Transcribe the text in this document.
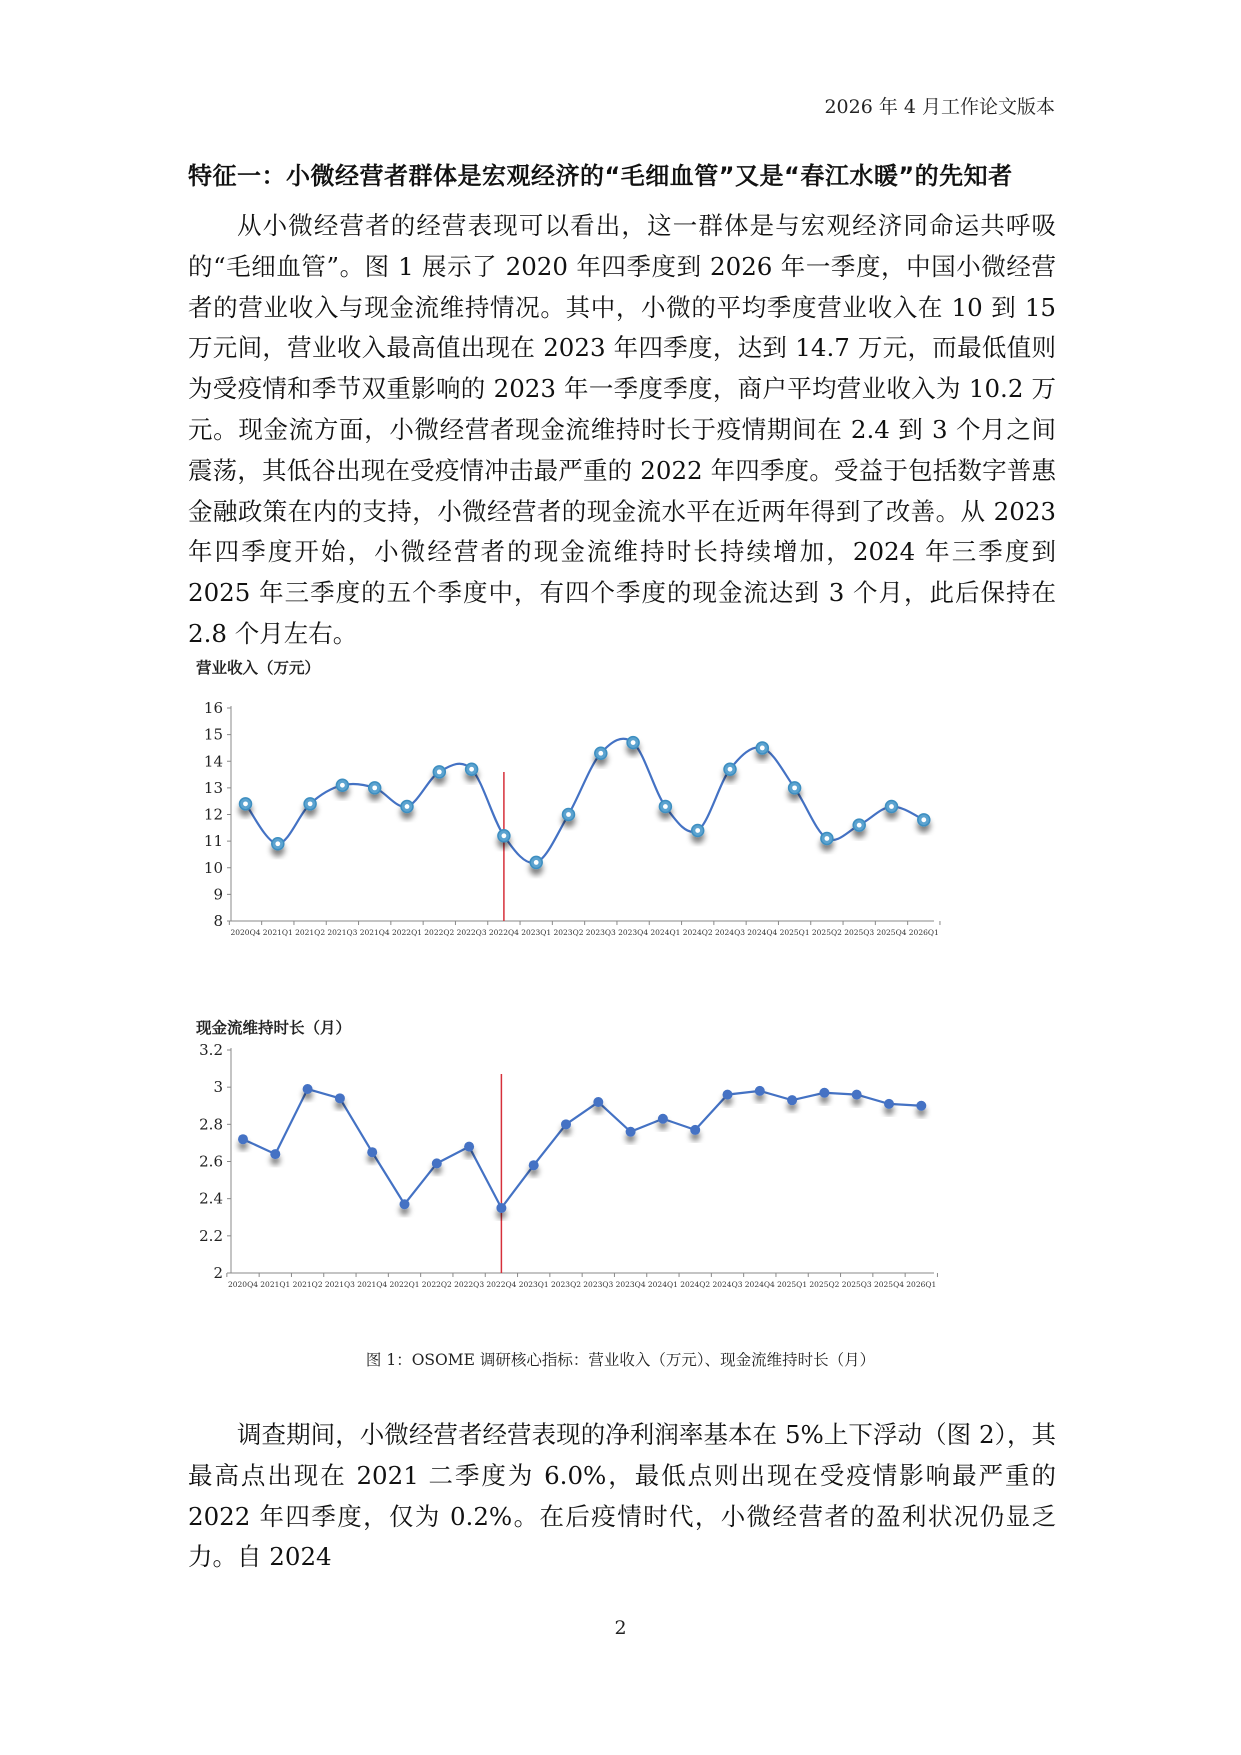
2026 年 4 月工作论文版本
特征一：小微经营者群体是宏观经济的“毛细血管”又是“春江水暖”的先知者

从小微经营者的经营表现可以看出，这一群体是与宏观经济同命运共呼吸的“毛细血管”。图 1 展示了 2020 年四季度到 2026 年一季度，中国小微经营者的营业收入与现金流维持情况。其中，小微的平均季度营业收入在 10 到 15 万元间，营业收入最高值出现在 2023 年四季度，达到 14.7 万元，而最低值则为受疫情和季节双重影响的 2023 年一季度季度，商户平均营业收入为 10.2 万元。现金流方面，小微经营者现金流维持时长于疫情期间在 2.4 到 3 个月之间震荡，其低谷出现在受疫情冲击最严重的 2022 年四季度。受益于包括数字普惠金融政策在内的支持，小微经营者的现金流水平在近两年得到了改善。从 2023 年四季度开始，小微经营者的现金流维持时长持续增加，2024 年三季度到 2025 年三季度的五个季度中，有四个季度的现金流达到 3 个月，此后保持在 2.8 个月左右。

营业收入（万元）
现金流维持时长（月）
8
9
10
11
12
13
14
15
16
2020Q4 2021Q1 2021Q2 2021Q3 2021Q4 2022Q1 2022Q2 2022Q3 2022Q4 2023Q1 2023Q2 2023Q3 2023Q4 2024Q1 2024Q2 2024Q3 2024Q4 2025Q1 2025Q2 2025Q3 2025Q4 2026Q1
2
2.2
2.4
2.6
2.8
3
3.2
2020Q4 2021Q1 2021Q2 2021Q3 2021Q4 2022Q1 2022Q2 2022Q3 2022Q4 2023Q1 2023Q2 2023Q3 2023Q4 2024Q1 2024Q2 2024Q3 2024Q4 2025Q1 2025Q2 2025Q3 2025Q4 2026Q1
图 1：OSOME 调研核心指标：营业收入（万元）、现金流维持时长（月）

调查期间，小微经营者经营表现的净利润率基本在 5%上下浮动（图 2），其最高点出现在 2021 二季度为 6.0%，最低点则出现在受疫情影响最严重的 2022 年四季度，仅为 0.2%。在后疫情时代，小微经营者的盈利状况仍显乏力。自 2024

2
